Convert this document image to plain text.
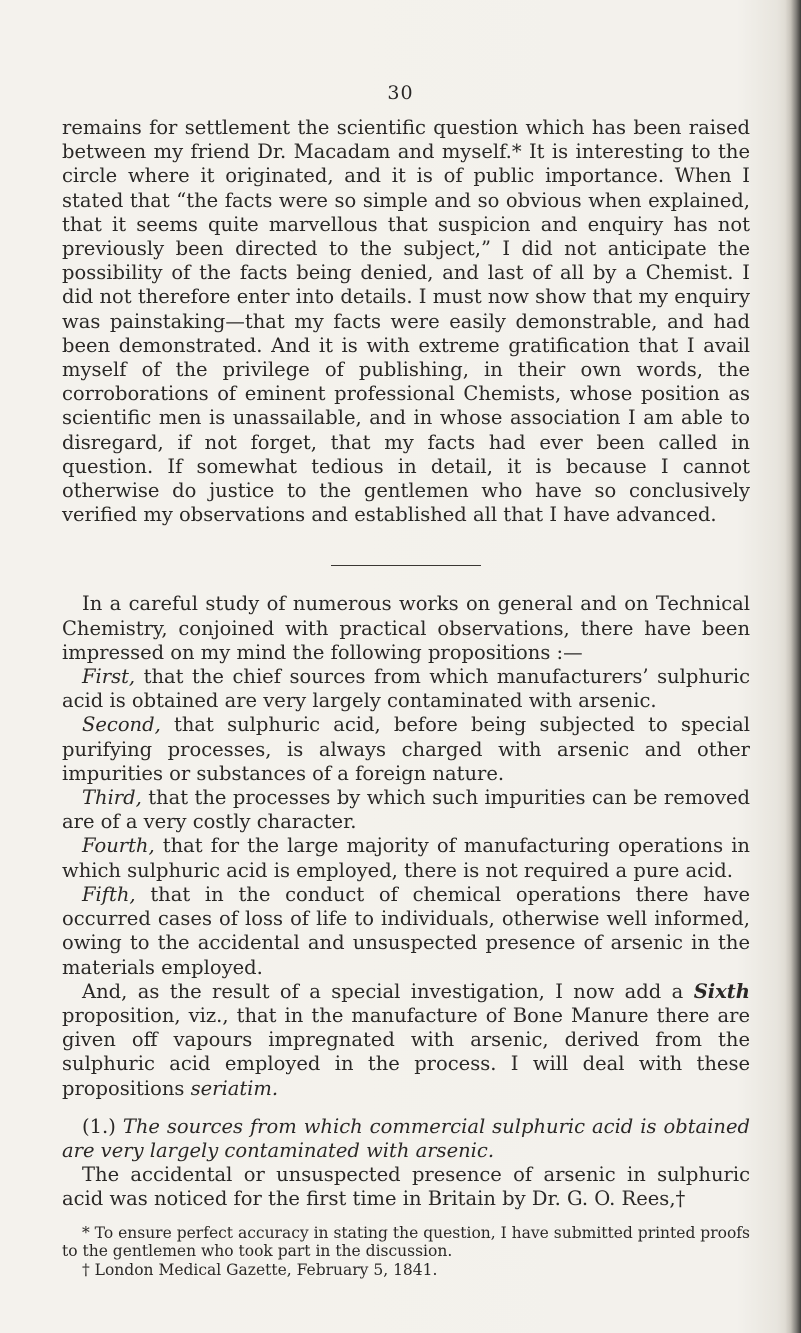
30

remains for settlement the scientific question which has been raised between my friend Dr. Macadam and myself.* It is interesting to the circle where it originated, and it is of public importance. When I stated that “the facts were so simple and so obvious when explained, that it seems quite marvellous that suspicion and enquiry has not previously been directed to the subject,” I did not anticipate the possibility of the facts being denied, and last of all by a Chemist. I did not therefore enter into details. I must now show that my enquiry was painstaking—that my facts were easily demonstrable, and had been demonstrated. And it is with extreme gratification that I avail myself of the privilege of publishing, in their own words, the corroborations of eminent professional Chemists, whose position as scientific men is unassailable, and in whose association I am able to disregard, if not forget, that my facts had ever been called in question. If somewhat tedious in detail, it is because I cannot otherwise do justice to the gentlemen who have so conclusively verified my observations and established all that I have advanced.

In a careful study of numerous works on general and on Technical Chemistry, conjoined with practical observations, there have been impressed on my mind the following propositions :—

First, that the chief sources from which manufacturers’ sulphuric acid is obtained are very largely contaminated with arsenic.

Second, that sulphuric acid, before being subjected to special purifying processes, is always charged with arsenic and other impurities or substances of a foreign nature.

Third, that the processes by which such impurities can be removed are of a very costly character.

Fourth, that for the large majority of manufacturing operations in which sulphuric acid is employed, there is not required a pure acid.

Fifth, that in the conduct of chemical operations there have occurred cases of loss of life to individuals, otherwise well informed, owing to the accidental and unsuspected presence of arsenic in the materials employed.

And, as the result of a special investigation, I now add a Sixth proposition, viz., that in the manufacture of Bone Manure there are given off vapours impregnated with arsenic, derived from the sulphuric acid employed in the process. I will deal with these propositions seriatim.

(1.) The sources from which commercial sulphuric acid is obtained are very largely contaminated with arsenic.

The accidental or unsuspected presence of arsenic in sulphuric acid was noticed for the first time in Britain by Dr. G. O. Rees,†

* To ensure perfect accuracy in stating the question, I have submitted printed proofs to the gentlemen who took part in the discussion.

† London Medical Gazette, February 5, 1841.
